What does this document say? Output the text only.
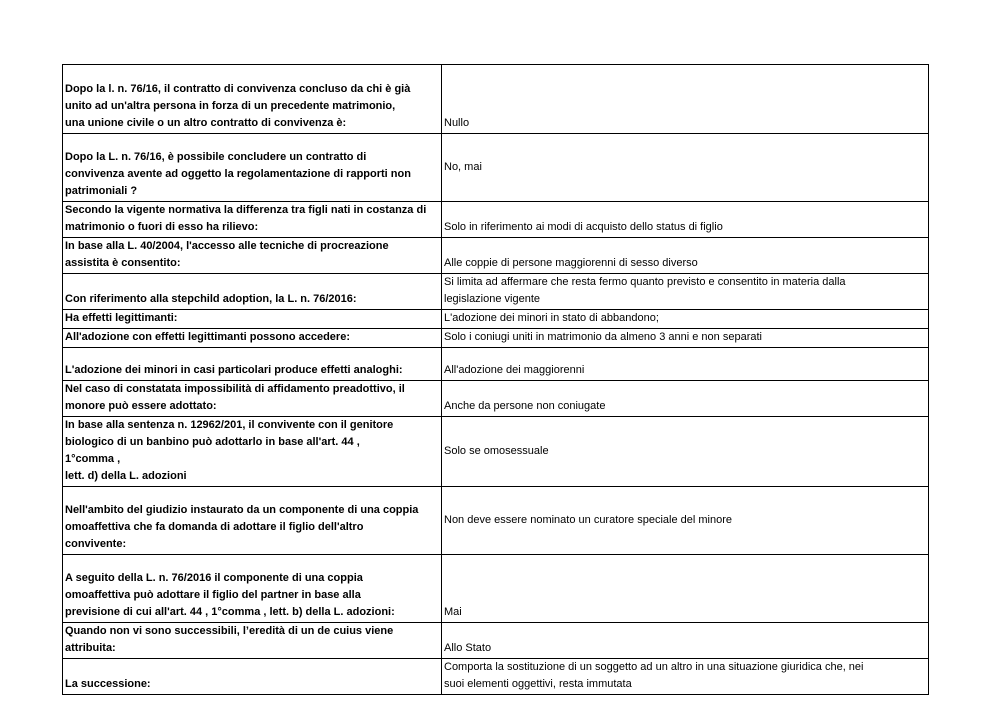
Dopo la l. n. 76/16, il contratto di convivenza concluso da chi è già
unito ad un'altra persona in forza di un precedente matrimonio,
una unione civile o un altro contratto di convivenza è:	Nullo

Dopo la L. n. 76/16, è possibile concludere un contratto di
convivenza avente ad oggetto la regolamentazione di rapporti non
patrimoniali ?	No, mai

Secondo la vigente normativa la differenza tra figli nati in costanza di
matrimonio o fuori di esso ha rilievo:	Solo in riferimento ai modi di acquisto dello status di figlio

In base alla L. 40/2004, l'accesso alle tecniche di procreazione
assistita è consentito:	Alle coppie di persone maggiorenni di sesso diverso

Con riferimento alla stepchild adoption, la L. n. 76/2016:	Si limita ad affermare che resta fermo quanto previsto e consentito in materia dalla
legislazione vigente

Ha effetti legittimanti:	L'adozione dei minori in stato di abbandono;

All'adozione con effetti legittimanti possono accedere:	Solo i coniugi uniti in matrimonio da almeno 3 anni e non separati

L'adozione dei minori in casi particolari produce effetti analoghi:	All'adozione dei maggiorenni

Nel caso di constatata impossibilità di affidamento preadottivo, il
monore può essere adottato:	Anche da persone non coniugate

In base alla sentenza n. 12962/201, il convivente con il genitore
biologico di un banbino può adottarlo in base all'art. 44 ,
1°comma ,
lett. d) della L. adozioni	Solo se omosessuale

Nell'ambito del giudizio instaurato da un componente di una coppia
omoaffettiva che fa domanda di adottare il figlio dell'altro
convivente:	Non deve essere nominato un curatore speciale del minore

A seguito della L. n. 76/2016 il componente di una coppia
omoaffettiva può adottare il figlio del partner in base alla
previsione di cui all'art. 44 , 1°comma , lett. b) della L. adozioni:	Mai

Quando non vi sono successibili, l’eredità di un de cuius viene
attribuita:	Allo Stato

La successione:	Comporta la sostituzione di un soggetto ad un altro in una situazione giuridica che, nei
suoi elementi oggettivi, resta immutata
